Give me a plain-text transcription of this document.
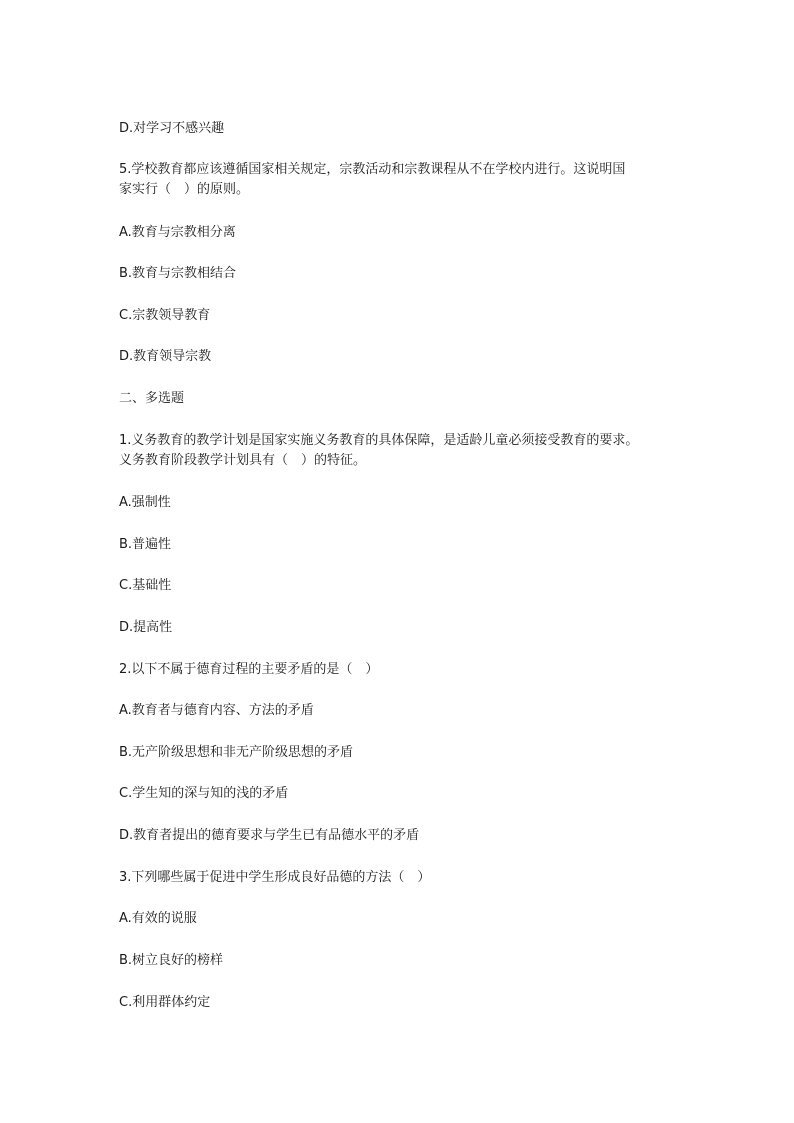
D.对学习不感兴趣
5.学校教育都应该遵循国家相关规定，宗教活动和宗教课程从不在学校内进行。这说明国
家实行（　）的原则。
A.教育与宗教相分离
B.教育与宗教相结合
C.宗教领导教育
D.教育领导宗教
二、多选题
1.义务教育的教学计划是国家实施义务教育的具体保障，是适龄儿童必须接受教育的要求。
义务教育阶段教学计划具有（　）的特征。
A.强制性
B.普遍性
C.基础性
D.提高性
2.以下不属于德育过程的主要矛盾的是（　）
A.教育者与德育内容、方法的矛盾
B.无产阶级思想和非无产阶级思想的矛盾
C.学生知的深与知的浅的矛盾
D.教育者提出的德育要求与学生已有品德水平的矛盾
3.下列哪些属于促进中学生形成良好品德的方法（　）
A.有效的说服
B.树立良好的榜样
C.利用群体约定
